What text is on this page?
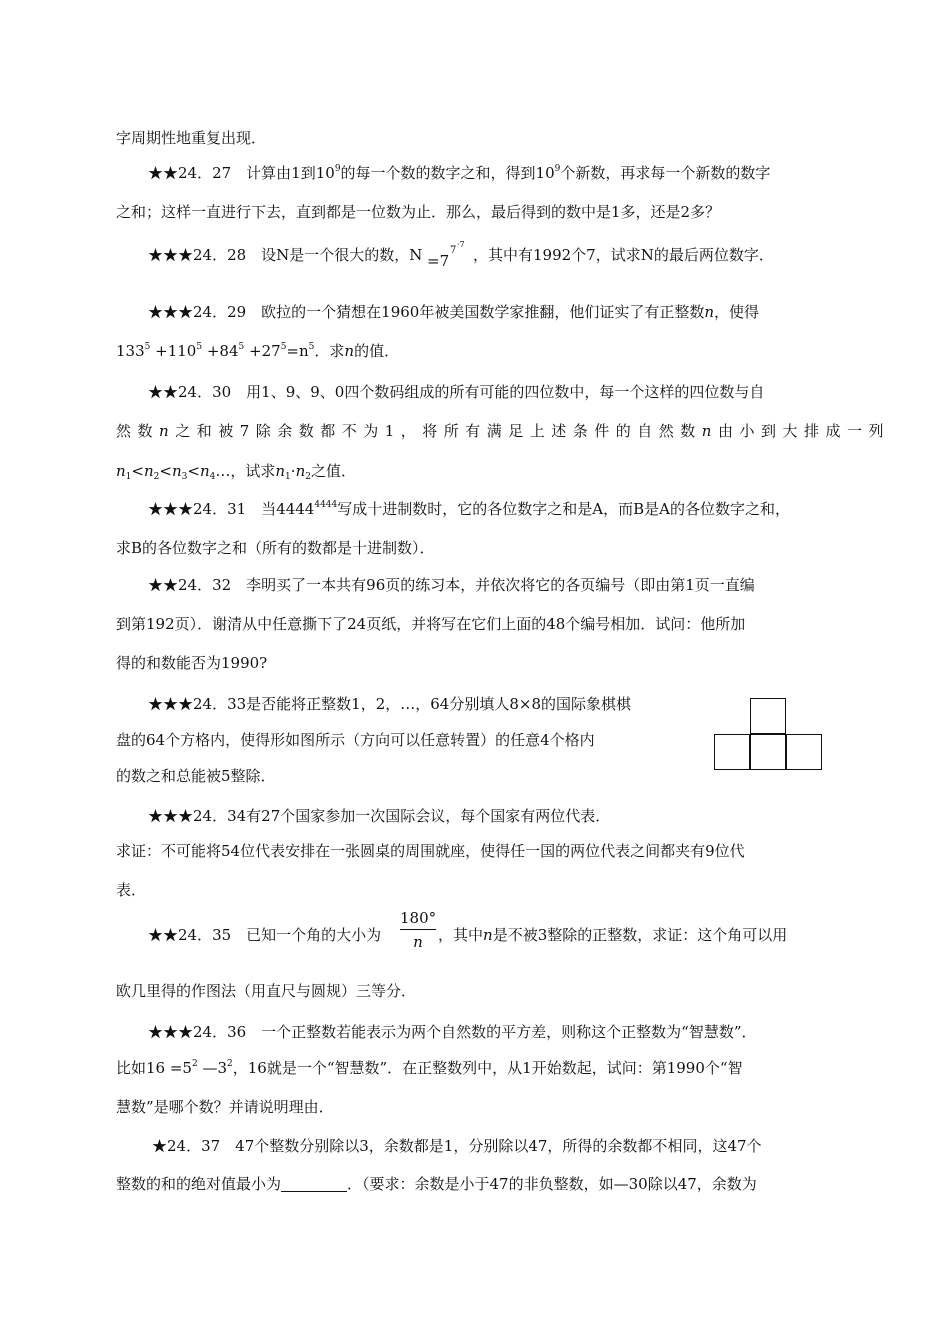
字周期性地重复出现．
★★24．27　计算由1到$10^9$的每一个数的数字之和，得到$10^9$个新数，再求每一个新数的数字
之和；这样一直进行下去，直到都是一位数为止．那么，最后得到的数中是1多，还是2多？
★★★24．28　设N是一个很大的数，N =7
7
·7
，其中有1992个7，试求N的最后两位数字．
★★★24．29　欧拉的一个猜想在1960年被美国数学家推翻，他们证实了有正整数n，使得
$133^5 +110^5 +84^5 +27^5=n^5$．求n的值．
★★24．30　用1、9、9、0四个数码组成的所有可能的四位数中，每一个这样的四位数与自
然数n之和被7除余数都不为1，将所有满足上述条件的自然数n由小到大排成一列
$n_1<n_2<n_3<n_4\dots$，试求$n_1\cdot n_2$之值．
★★★24．31　当$4444^{4444}$写成十进制数时，它的各位数字之和是A，而B是A的各位数字之和，
求B的各位数字之和（所有的数都是十进制数）．
★★24．32　李明买了一本共有96页的练习本，并依次将它的各页编号（即由第1页一直编
到第192页）．谢清从中任意撕下了24页纸，并将写在它们上面的48个编号相加．试问：他所加
得的和数能否为1990?
★★★24．33是否能将正整数1，2，…，64分别填人8×8的国际象棋棋
盘的64个方格内，使得形如图所示（方向可以任意转置）的任意4个格内
的数之和总能被5整除．
★★★24．34有27个国家参加一次国际会议，每个国家有两位代表．
求证：不可能将54位代表安排在一张圆桌的周围就座，使得任一国的两位代表之间都夹有9位代
表．
★★24．35　已知一个角的大小为
180°
n	，其中n是不被3整除的正整数，求证：这个角可以用
欧几里得的作图法（用直尺与圆规）三等分．
★★★24．36　一个正整数若能表示为两个自然数的平方差，则称这个正整数为“智慧数”．
比如$16 =5^2$ $—3^2$，16就是一个“智慧数”．在正整数列中，从1开始数起，试问：第1990个“智
慧数”是哪个数？并请说明理由．
★24．37　47个整数分别除以3，余数都是1，分别除以47，所得的余数都不相同，这47个
整数的和的绝对值最小为	．（要求：余数是小于47的非负整数，如—30除以47，余数为
